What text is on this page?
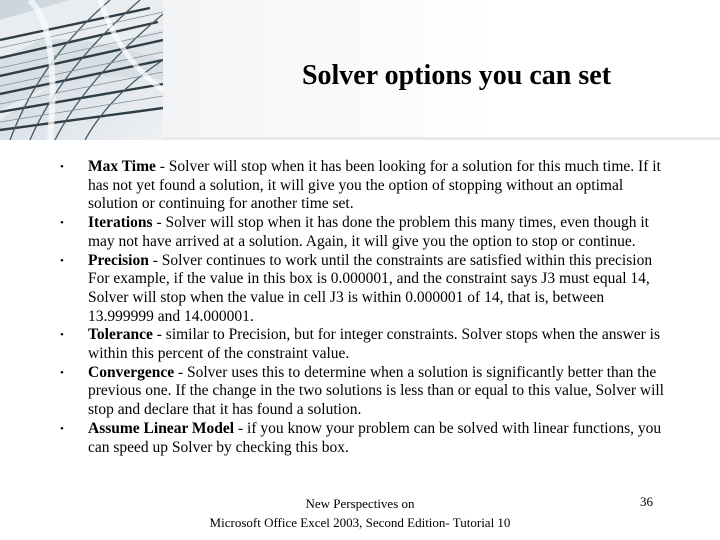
Solver options you can set
• Max Time - Solver will stop when it has been looking for a solution for this much time. If it has not yet found a solution, it will give you the option of stopping without an optimal solution or continuing for another time set.
• Iterations - Solver will stop when it has done the problem this many times, even though it may not have arrived at a solution. Again, it will give you the option to stop or continue.
• Precision - Solver continues to work until the constraints are satisfied within this precision For example, if the value in this box is 0.000001, and the constraint says J3 must equal 14, Solver will stop when the value in cell J3 is within 0.000001 of 14, that is, between 13.999999 and 14.000001.
• Tolerance - similar to Precision, but for integer constraints. Solver stops when the answer is within this percent of the constraint value.
• Convergence - Solver uses this to determine when a solution is significantly better than the previous one. If the change in the two solutions is less than or equal to this value, Solver will stop and declare that it has found a solution.
• Assume Linear Model - if you know your problem can be solved with linear functions, you can speed up Solver by checking this box.
New Perspectives on
Microsoft Office Excel 2003, Second Edition- Tutorial 10
36
